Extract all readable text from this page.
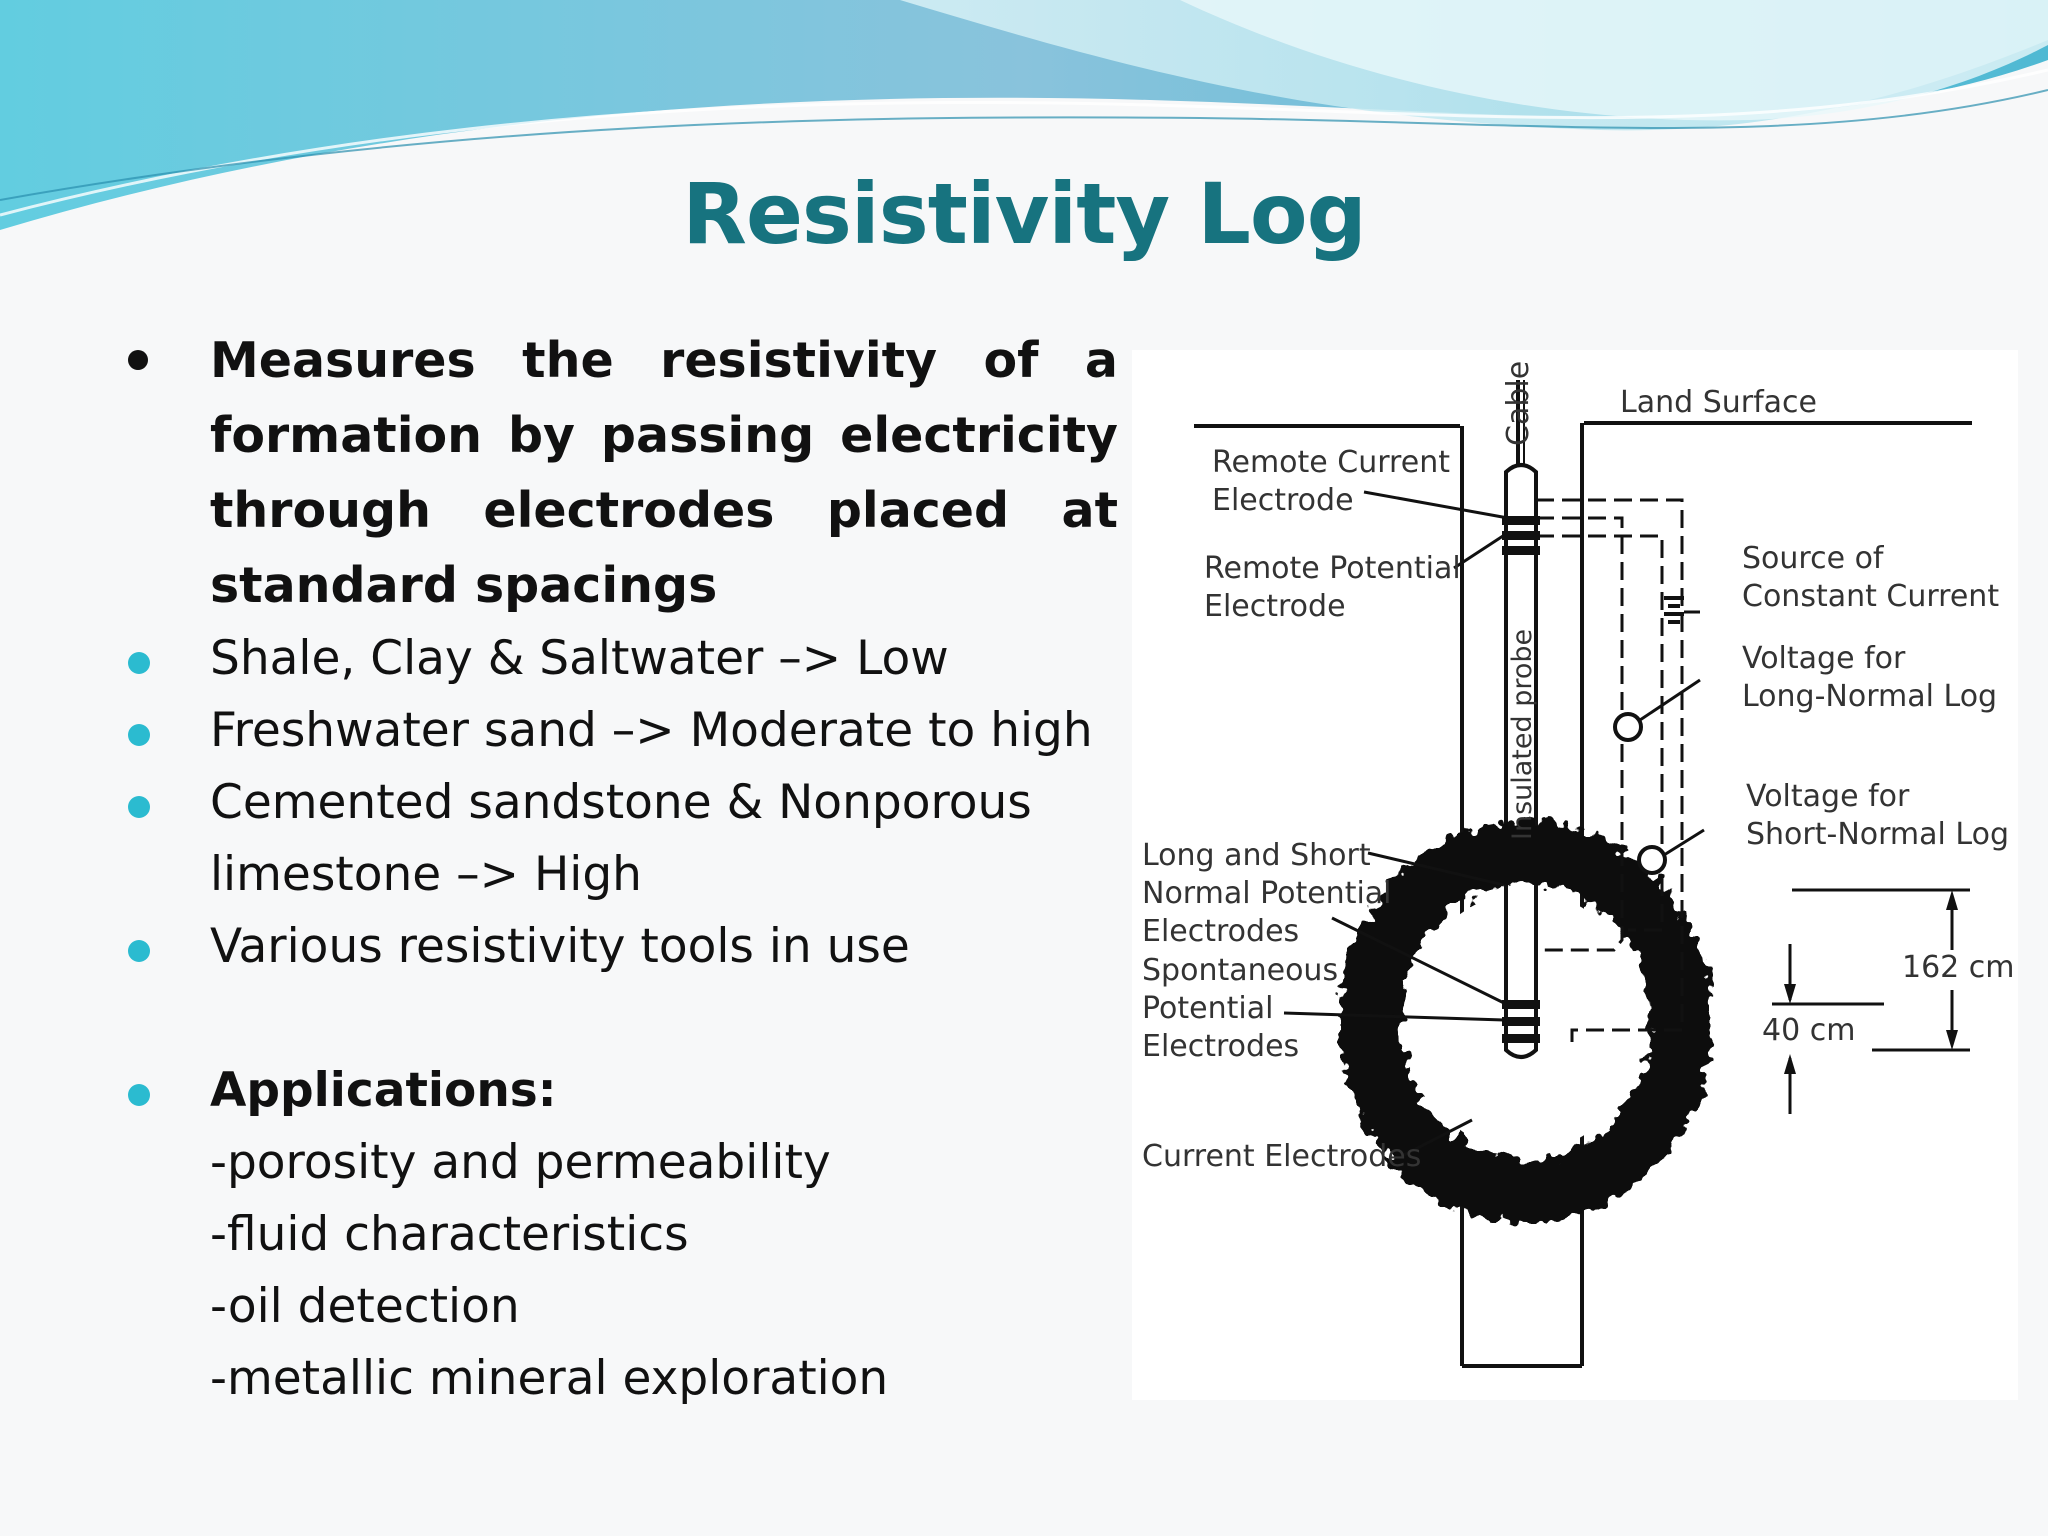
Resistivity Log
Measures the resistivity of a formation by passing electricity through electrodes placed at standard spacings
Shale, Clay & Saltwater –> Low
Freshwater sand –> Moderate to high
Cemented sandstone & Nonporous limestone –> High
Various resistivity tools in use
Applications:
-porosity and permeability
-fluid characteristics
-oil detection
-metallic mineral exploration
Cable	Land Surface
Remote Current
Electrode
Remote Potential
Electrode
Insulated probe
Source of
Constant Current
Voltage for
Long-Normal Log
Voltage for
Short-Normal Log
Long and Short
Normal Potential
Electrodes
Spontaneous
Potential
Electrodes
Current Electrodes
162 cm
40 cm
